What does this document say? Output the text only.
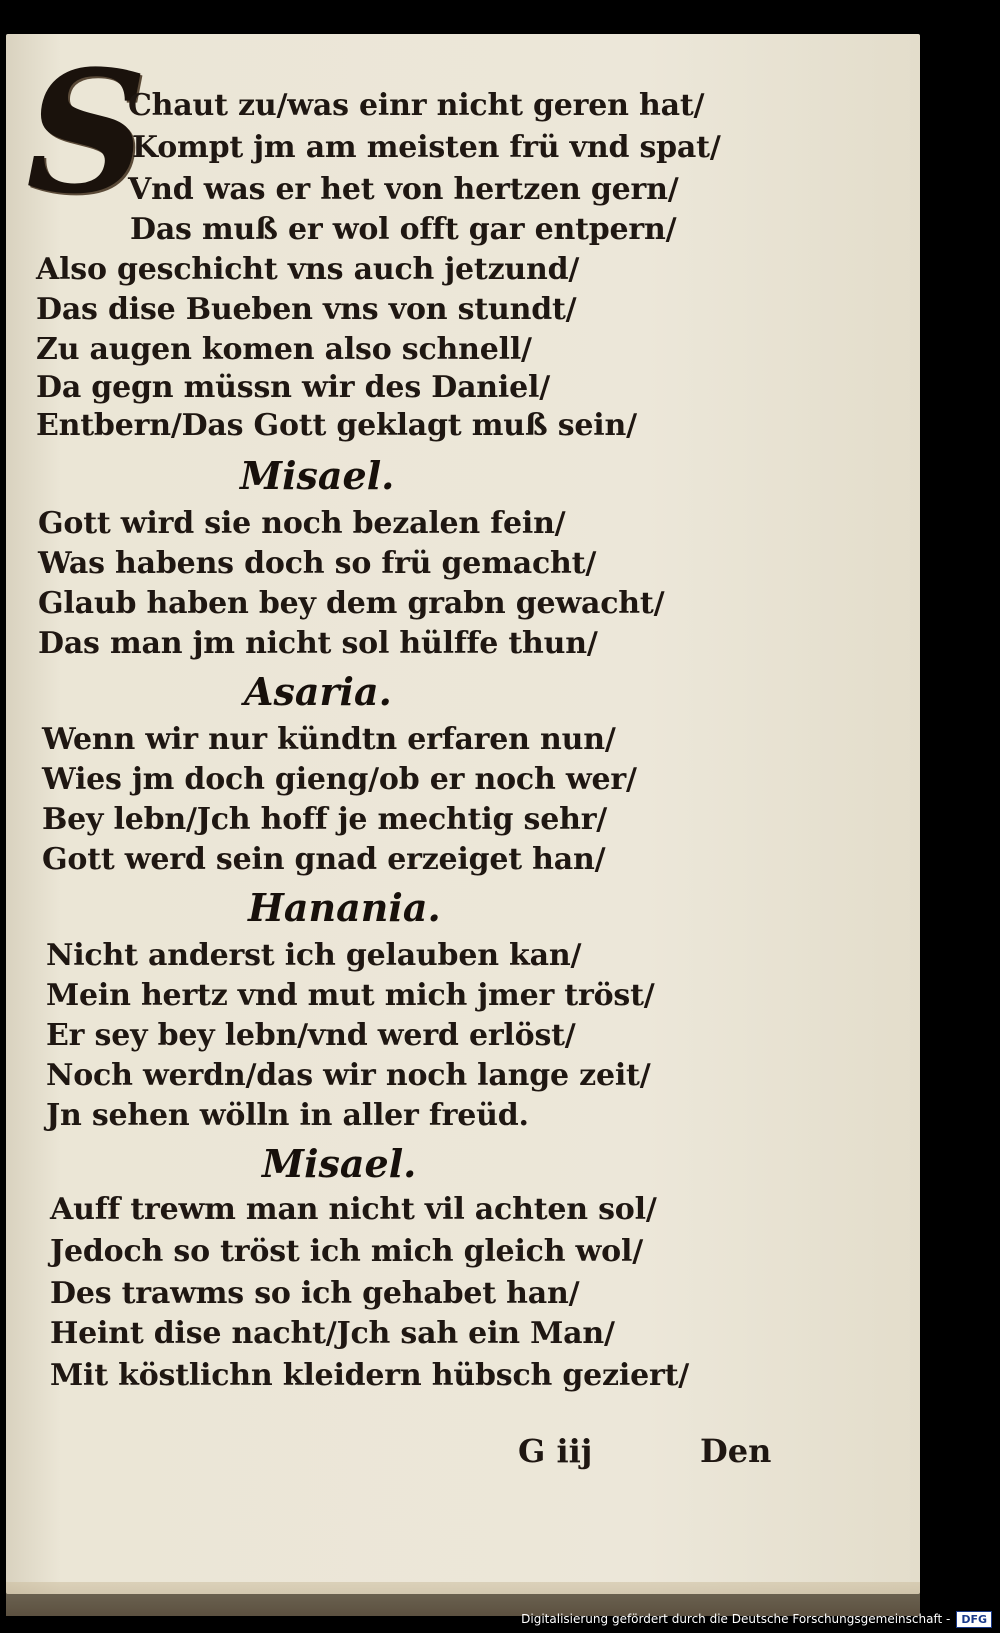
S
Chaut zu/was einr nicht geren hat/
Kompt jm am meisten frü vnd spat/
Vnd was er het von hertzen gern/
Das muß er wol offt gar entpern/
Also geschicht vns auch jetzund/
Das dise Bueben vns von stundt/
Zu augen komen also schnell/
Da gegn müssn wir des Daniel/
Entbern/Das Gott geklagt muß sein/
Misael.
Gott wird sie noch bezalen fein/
Was habens doch so frü gemacht/
Glaub haben bey dem grabn gewacht/
Das man jm nicht sol hülffe thun/
Asaria.
Wenn wir nur kündtn erfaren nun/
Wies jm doch gieng/ob er noch wer/
Bey lebn/Jch hoff je mechtig sehr/
Gott werd sein gnad erzeiget han/
Hanania.
Nicht anderst ich gelauben kan/
Mein hertz vnd mut mich jmer tröst/
Er sey bey lebn/vnd werd erlöst/
Noch werdn/das wir noch lange zeit/
Jn sehen wölln in aller freüd.
Misael.
Auff trewm man nicht vil achten sol/
Jedoch so tröst ich mich gleich wol/
Des trawms so ich gehabet han/
Heint dise nacht/Jch sah ein Man/
Mit köstlichn kleidern hübsch geziert/
G iij	Den
Digitalisierung gefördert durch die Deutsche Forschungsgemeinschaft -	DFG
